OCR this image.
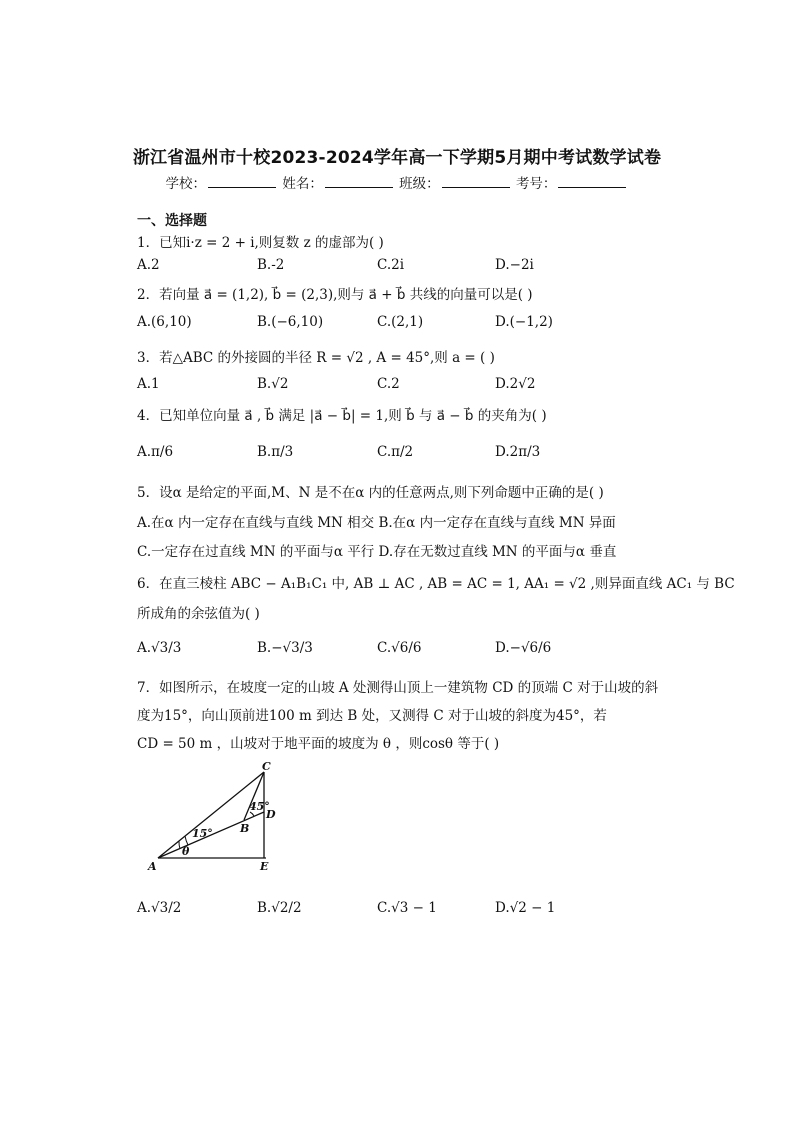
浙江省温州市十校2023-2024学年高一下学期5月期中考试数学试卷
学校：	姓名：	班级：	考号：
一、选择题
1．已知i·z = 2 + i,则复数 z 的虚部为( )
A.2	B.-2	C.2i	D.−2i
2．若向量 a⃗ = (1,2), b⃗ = (2,3),则与 a⃗ + b⃗ 共线的向量可以是( )
A.(6,10)	B.(−6,10)	C.(2,1)	D.(−1,2)
3．若△ABC 的外接圆的半径 R = √2 , A = 45°,则 a = ( )
A.1	B.√2	C.2	D.2√2
4．已知单位向量 a⃗ , b⃗ 满足 |a⃗ − b⃗| = 1,则 b⃗ 与 a⃗ − b⃗ 的夹角为( )
A.π/6	B.π/3	C.π/2	D.2π/3
5．设α 是给定的平面,M、N 是不在α 内的任意两点,则下列命题中正确的是( )
A.在α 内一定存在直线与直线 MN 相交 B.在α 内一定存在直线与直线 MN 异面
C.一定存在过直线 MN 的平面与α 平行 D.存在无数过直线 MN 的平面与α 垂直
6．在直三棱柱 ABC − A₁B₁C₁ 中, AB ⊥ AC , AB = AC = 1, AA₁ = √2 ,则异面直线 AC₁ 与 BC
所成角的余弦值为( )
A.√3/3	B.−√3/3	C.√6/6	D.−√6/6
7．如图所示，在坡度一定的山坡 A 处测得山顶上一建筑物 CD 的顶端 C 对于山坡的斜
度为15°，向山顶前进100 m 到达 B 处，又测得 C 对于山坡的斜度为45°，若
CD = 50 m ，山坡对于地平面的坡度为 θ ，则cosθ 等于( )
C
D
B
A	E
15°
45°
θ
A.√3/2	B.√2/2	C.√3 − 1	D.√2 − 1
